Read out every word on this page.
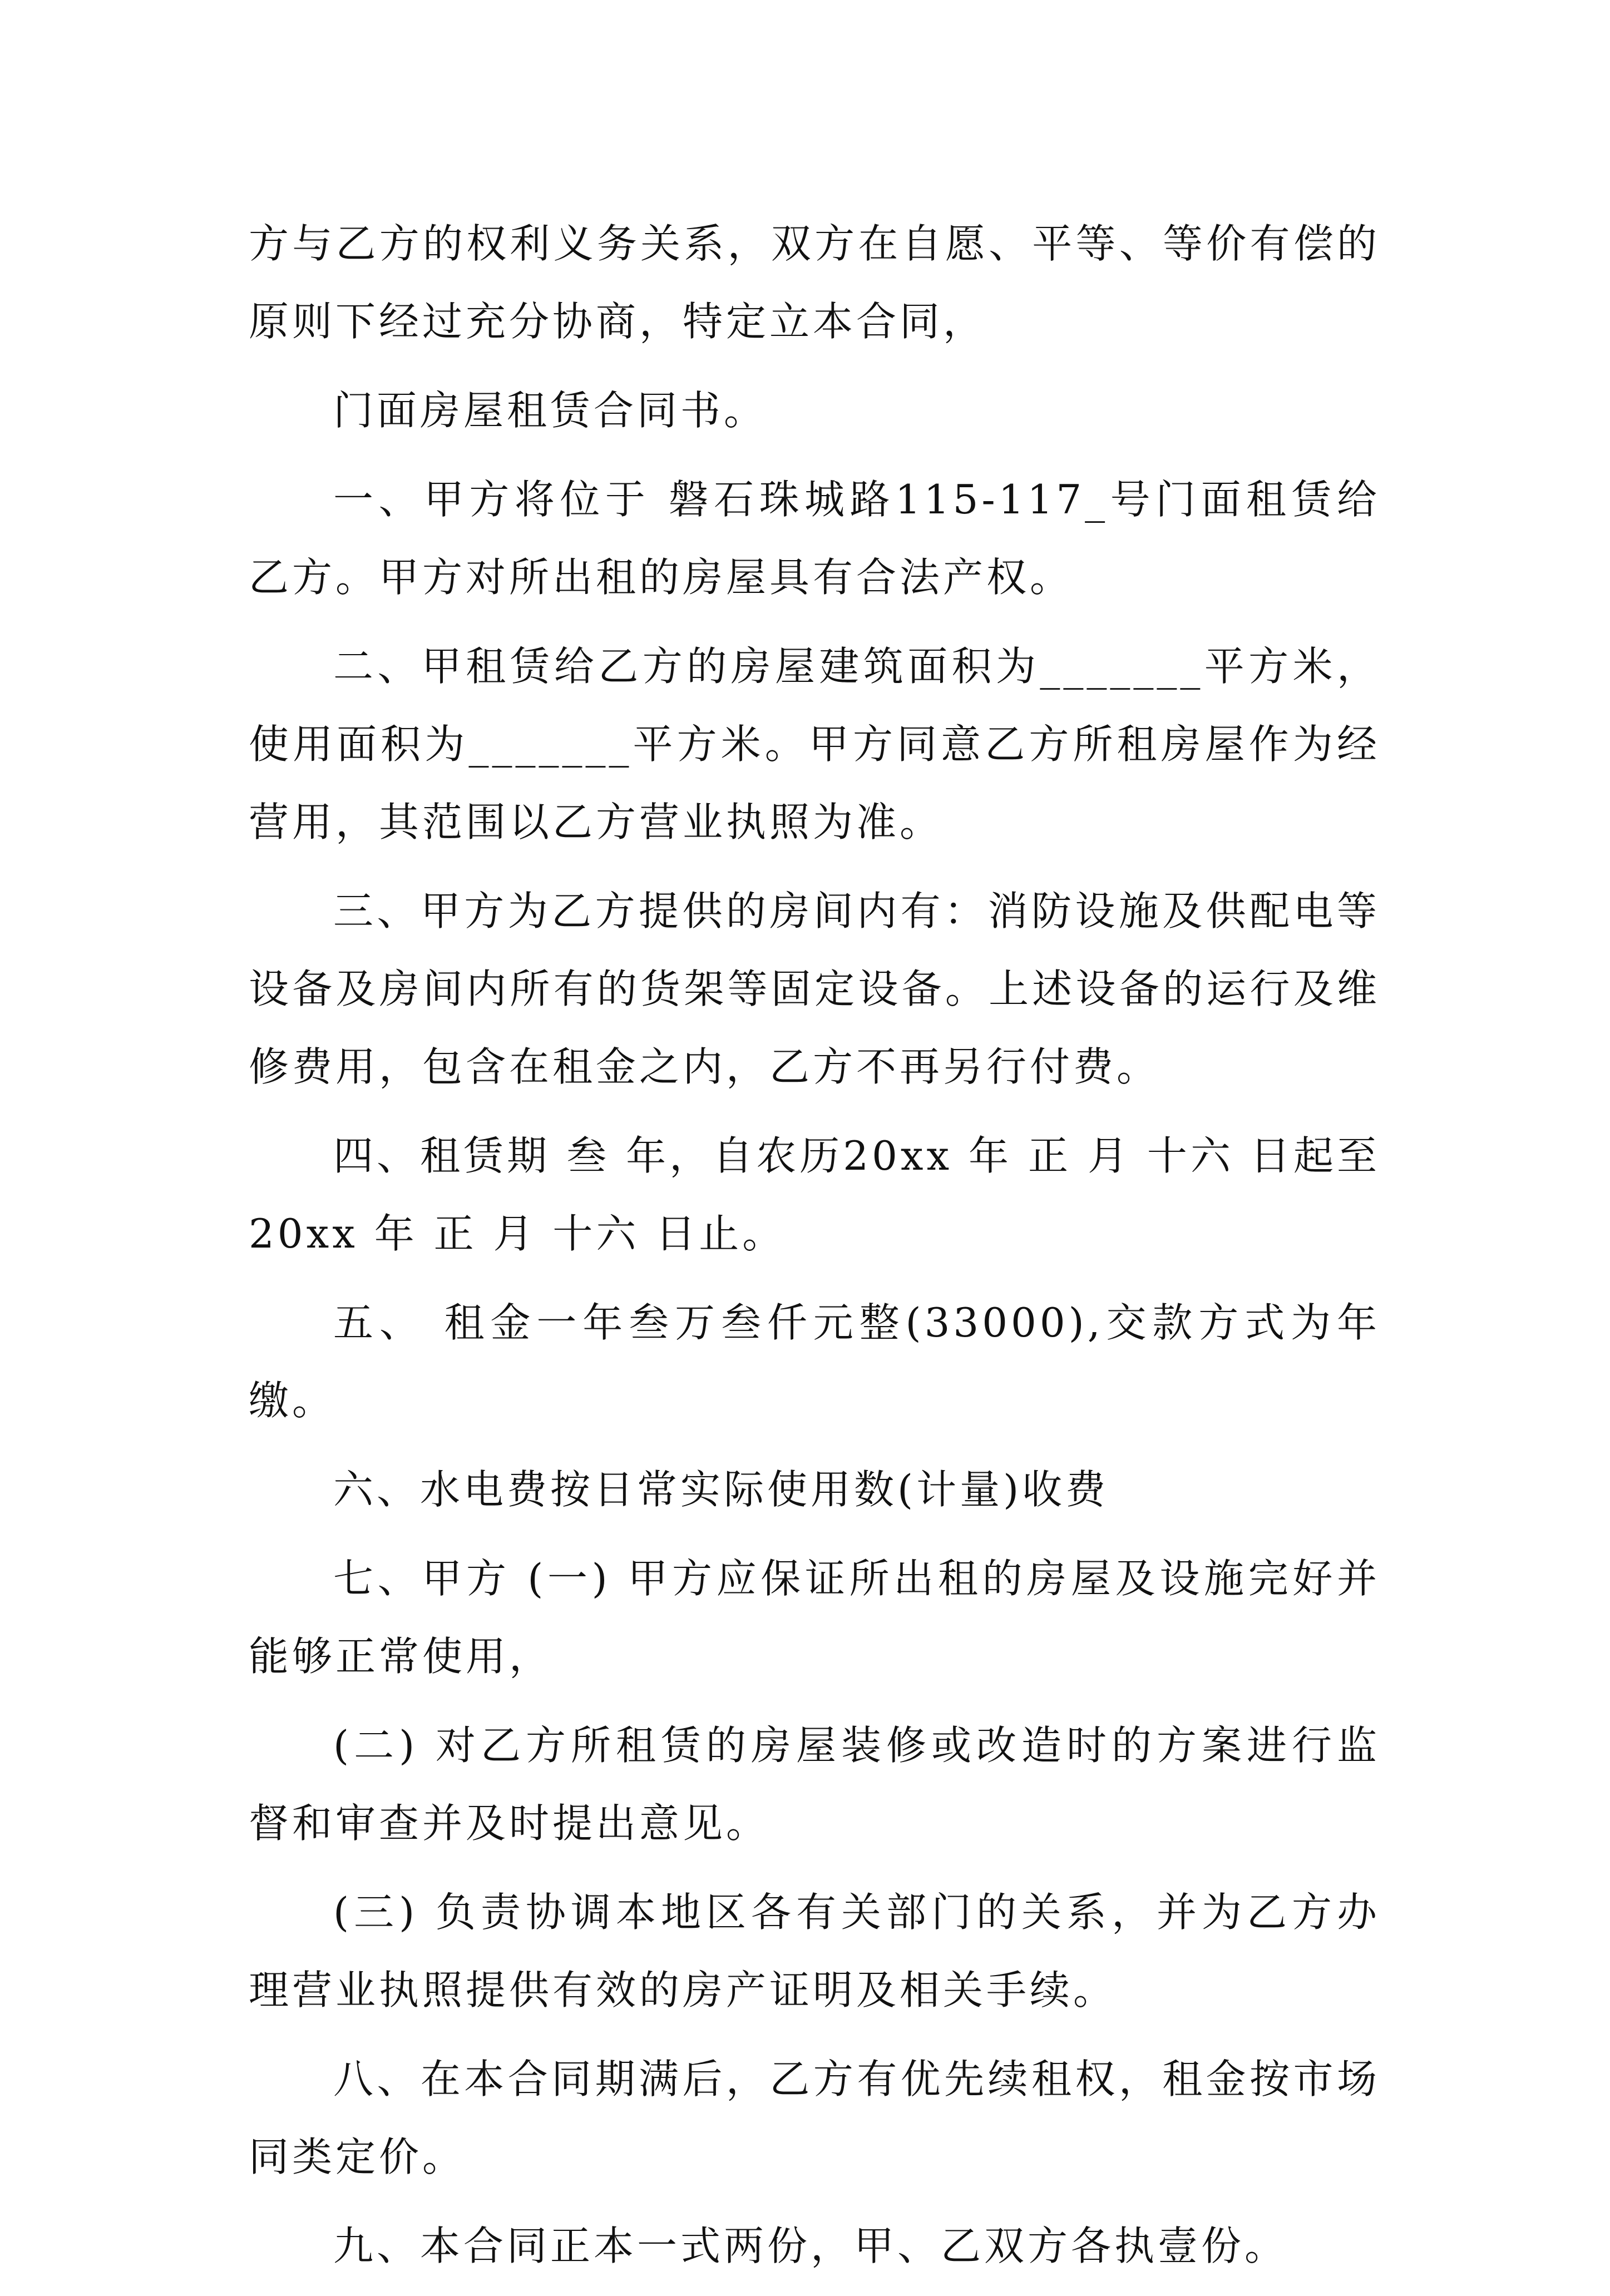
方与乙方的权利义务关系，双方在自愿、平等、等价有偿的原则下经过充分协商，特定立本合同，

门面房屋租赁合同书。

一、甲方将位于 磐石珠城路115-117_号门面租赁给乙方。甲方对所出租的房屋具有合法产权。

二、甲租赁给乙方的房屋建筑面积为_______平方米，使用面积为_______平方米。甲方同意乙方所租房屋作为经营用，其范围以乙方营业执照为准。

三、甲方为乙方提供的房间内有：消防设施及供配电等设备及房间内所有的货架等固定设备。上述设备的运行及维修费用，包含在租金之内，乙方不再另行付费。

四、租赁期 叁 年，自农历20xx 年 正 月 十六 日起至 20xx 年 正 月 十六 日止。

五、 租金一年叁万叁仟元整(33000),交款方式为年缴。

六、水电费按日常实际使用数(计量)收费

七、甲方 (一) 甲方应保证所出租的房屋及设施完好并能够正常使用，

(二) 对乙方所租赁的房屋装修或改造时的方案进行监督和审查并及时提出意见。

(三) 负责协调本地区各有关部门的关系，并为乙方办理营业执照提供有效的房产证明及相关手续。

八、在本合同期满后，乙方有优先续租权，租金按市场同类定价。

九、本合同正本一式两份，甲、乙双方各执壹份。
